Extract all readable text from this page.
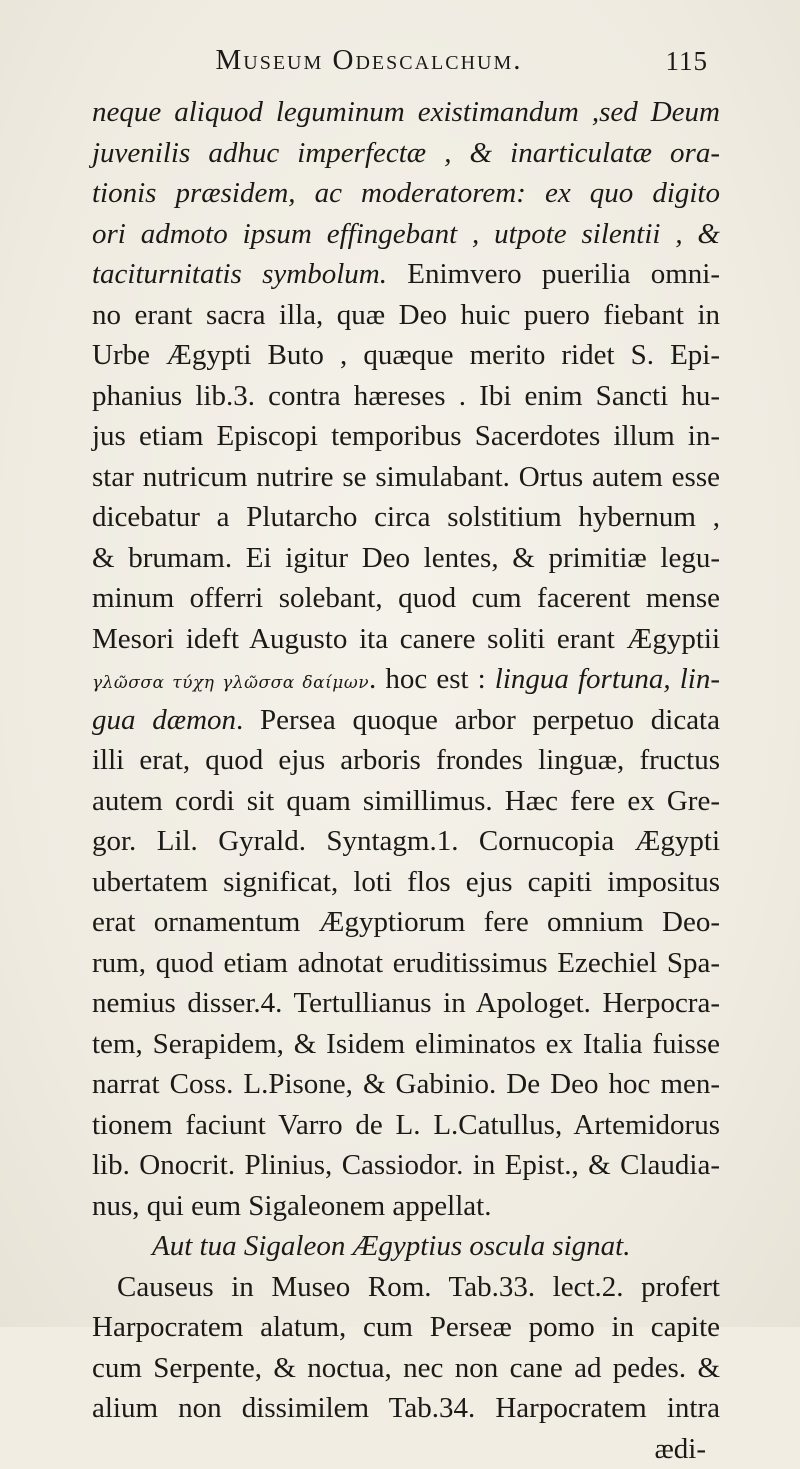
Museum Odescalchum.	115
neque aliquod leguminum existimandum ,sed Deum
juvenilis adhuc imperfectæ , & inarticulatæ ora-
tionis præsidem, ac moderatorem: ex quo digito
ori admoto ipsum effingebant , utpote silentii , &
taciturnitatis symbolum. Enimvero puerilia omni-
no erant sacra illa, quæ Deo huic puero fiebant in
Urbe Ægypti Buto , quæque merito ridet S. Epi-
phanius lib.3. contra hæreses . Ibi enim Sancti hu-
jus etiam Episcopi temporibus Sacerdotes illum in-
star nutricum nutrire se simulabant. Ortus autem esse
dicebatur a Plutarcho circa solstitium hybernum ,
& brumam. Ei igitur Deo lentes, & primitiæ legu-
minum offerri solebant, quod cum facerent mense
Mesori ideft Augusto ita canere soliti erant Ægyptii
γλῶσσα τύχη γλῶσσα δαίμων. hoc est : lingua fortuna, lin-
gua dæmon. Persea quoque arbor perpetuo dicata
illi erat, quod ejus arboris frondes linguæ, fructus
autem cordi sit quam simillimus. Hæc fere ex Gre-
gor. Lil. Gyrald. Syntagm.1. Cornucopia Ægypti
ubertatem significat, loti flos ejus capiti impositus
erat ornamentum Ægyptiorum fere omnium Deo-
rum, quod etiam adnotat eruditissimus Ezechiel Spa-
nemius disser.4. Tertullianus in Apologet. Herpocra-
tem, Serapidem, & Isidem eliminatos ex Italia fuisse
narrat Coss. L.Pisone, & Gabinio. De Deo hoc men-
tionem faciunt Varro de L. L.Catullus, Artemidorus
lib. Onocrit. Plinius, Cassiodor. in Epist., & Claudia-
nus, qui eum Sigaleonem appellat.
Aut tua Sigaleon Ægyptius oscula signat.
Causeus in Museo Rom. Tab.33. lect.2. profert
Harpocratem alatum, cum Perseæ pomo in capite
cum Serpente, & noctua, nec non cane ad pedes. &
alium non dissimilem Tab.34. Harpocratem intra
ædi-
